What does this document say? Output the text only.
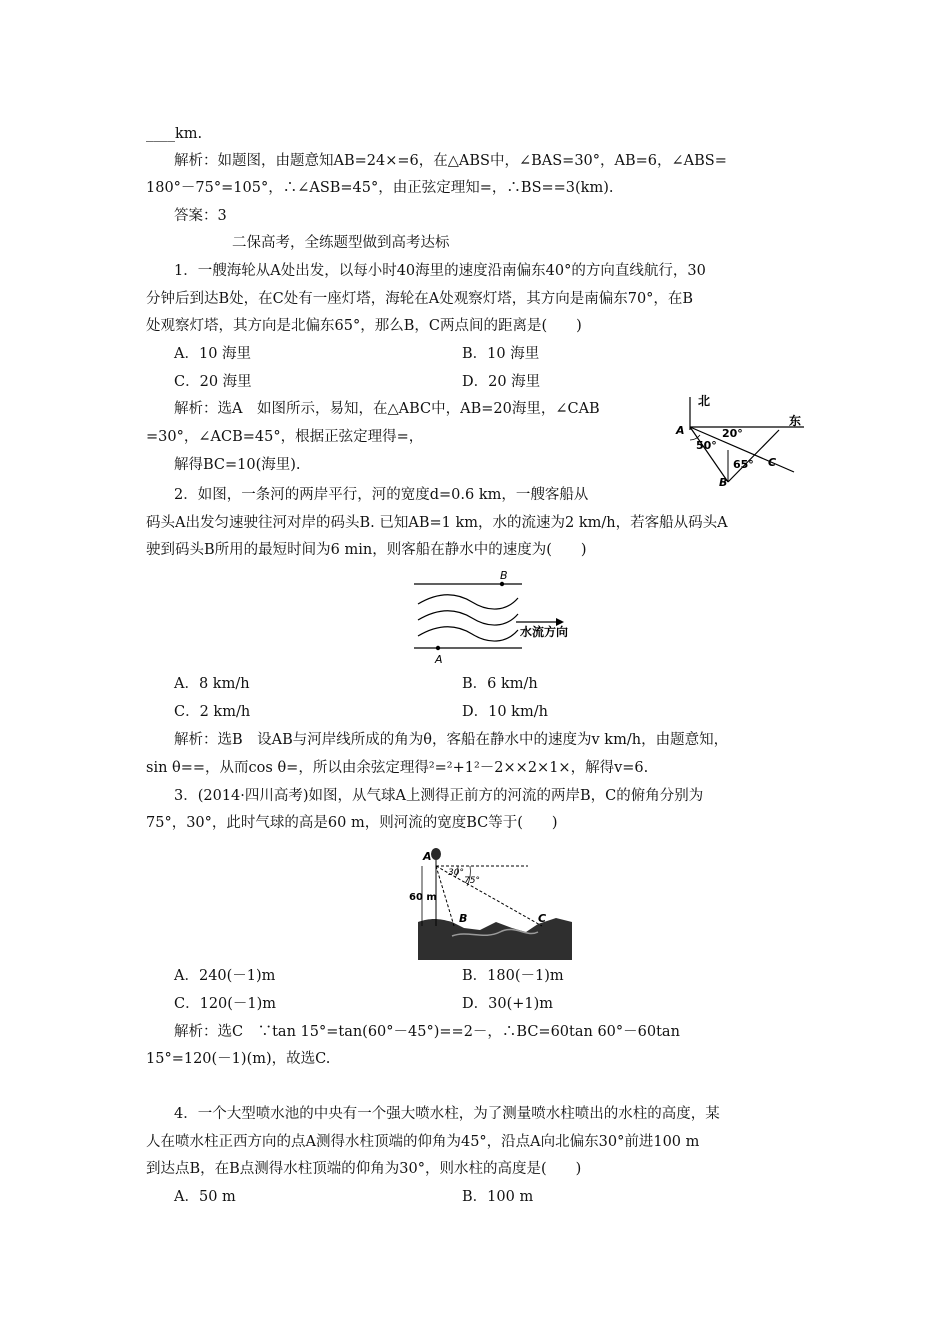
____km.
解析：如题图，由题意知AB=24×=6，在△ABS中，∠BAS=30°，AB=6，∠ABS=
180°－75°=105°，∴∠ASB=45°，由正弦定理知=，∴BS==3(km).
答案：3
二保高考，全练题型做到高考达标
1．一艘海轮从A处出发，以每小时40海里的速度沿南偏东40°的方向直线航行，30
分钟后到达B处，在C处有一座灯塔，海轮在A处观察灯塔，其方向是南偏东70°，在B
处观察灯塔，其方向是北偏东65°，那么B，C两点间的距离是(　　)
A．10 海里	B．10 海里
C．20 海里	D．20 海里
解析：选A　如图所示，易知，在△ABC中，AB=20海里，∠CAB
=30°，∠ACB=45°，根据正弦定理得=，
解得BC=10(海里).
北
东
A	20°
50°
65° C
B
2．如图，一条河的两岸平行，河的宽度d=0.6 km，一艘客船从
码头A出发匀速驶往河对岸的码头B. 已知AB=1 km，水的流速为2 km/h，若客船从码头A
驶到码头B所用的最短时间为6 min，则客船在静水中的速度为(　　)
B
A
水流方向
A．8 km/h	B．6 km/h
C．2 km/h	D．10 km/h
解析：选B　设AB与河岸线所成的角为θ，客船在静水中的速度为v km/h，由题意知，
sin θ==，从而cos θ=，所以由余弦定理得²=²+1²－2××2×1×，解得v=6.
3．(2014·四川高考)如图，从气球A上测得正前方的河流的两岸B，C的俯角分别为
75°，30°，此时气球的高是60 m，则河流的宽度BC等于(　　)
A
60 m
30°
75°
B	C
A．240(－1)m	B．180(－1)m
C．120(－1)m	D．30(+1)m
解析：选C　∵tan 15°=tan(60°－45°)==2－，∴BC=60tan 60°－60tan
15°=120(－1)(m)，故选C.
4．一个大型喷水池的中央有一个强大喷水柱，为了测量喷水柱喷出的水柱的高度，某
人在喷水柱正西方向的点A测得水柱顶端的仰角为45°，沿点A向北偏东30°前进100 m
到达点B，在B点测得水柱顶端的仰角为30°，则水柱的高度是(　　)
A．50 m	B．100 m
